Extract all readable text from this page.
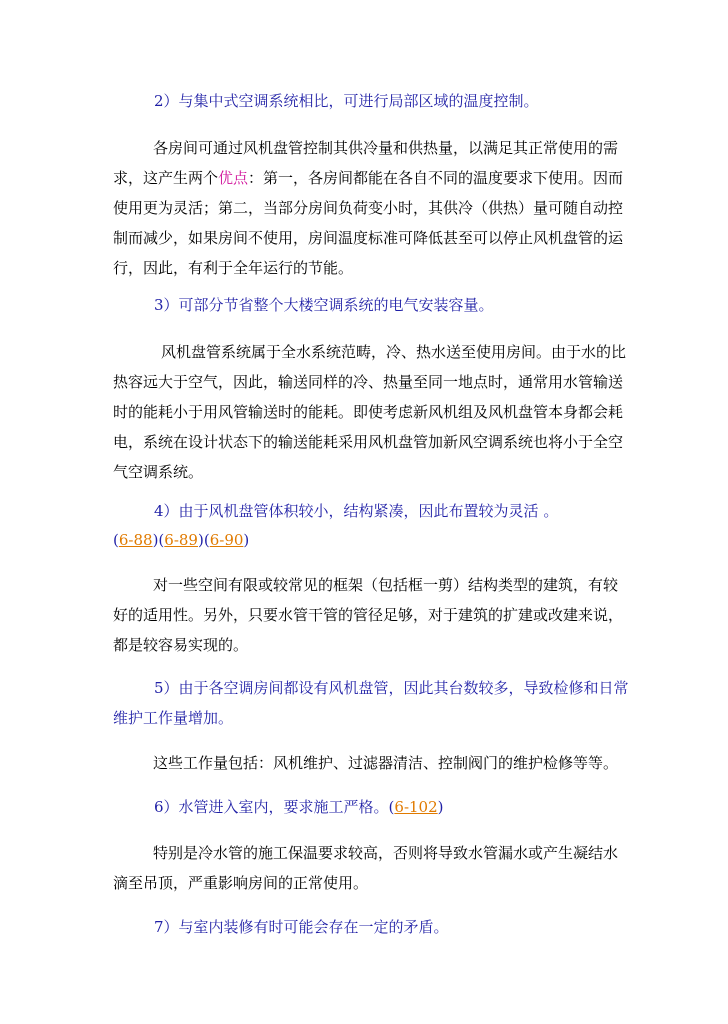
2）与集中式空调系统相比，可进行局部区域的温度控制。
各房间可通过风机盘管控制其供冷量和供热量，以满足其正常使用的需
求，这产生两个优点：第一，各房间都能在各自不同的温度要求下使用。因而
使用更为灵活；第二，当部分房间负荷变小时，其供冷（供热）量可随自动控
制而减少，如果房间不使用，房间温度标准可降低甚至可以停止风机盘管的运
行，因此，有利于全年运行的节能。
3）可部分节省整个大楼空调系统的电气安装容量。
风机盘管系统属于全水系统范畴，冷、热水送至使用房间。由于水的比
热容远大于空气，因此，输送同样的冷、热量至同一地点时，通常用水管输送
时的能耗小于用风管输送时的能耗。即使考虑新风机组及风机盘管本身都会耗
电，系统在设计状态下的输送能耗采用风机盘管加新风空调系统也将小于全空
气空调系统。
4）由于风机盘管体积较小，结构紧凑，因此布置较为灵活 。
(6-88)(6-89)(6-90)
对一些空间有限或较常见的框架（包括框一剪）结构类型的建筑，有较
好的适用性。另外，只要水管干管的管径足够，对于建筑的扩建或改建来说，
都是较容易实现的。
5）由于各空调房间都设有风机盘管，因此其台数较多，导致检修和日常
维护工作量增加。
这些工作量包括：风机维护、过滤器清洁、控制阀门的维护检修等等。
6）水管进入室内，要求施工严格。(6-102)
特别是冷水管的施工保温要求较高，否则将导致水管漏水或产生凝结水
滴至吊顶，严重影响房间的正常使用。
7）与室内装修有时可能会存在一定的矛盾。
